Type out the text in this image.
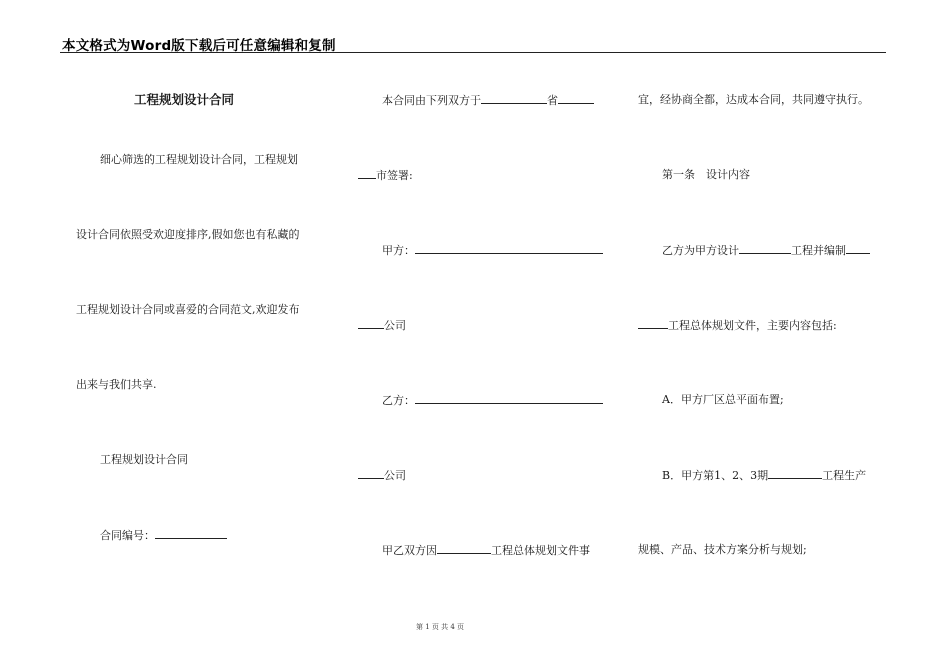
本文格式为Word版下载后可任意编辑和复制
工程规划设计合同
细心筛选的工程规划设计合同，工程规划
设计合同依照受欢迎度排序,假如您也有私藏的
工程规划设计合同或喜爱的合同范文,欢迎发布
出来与我们共享.
工程规划设计合同
合同编号：
本合同由下列双方于	省
市签署:
甲方：
公司
乙方：
公司
甲乙双方因	工程总体规划文件事
宜，经协商全都，达成本合同，共同遵守执行。
第一条　设计内容
乙方为甲方设计	工程并编制
工程总体规划文件，主要内容包括:
A．甲方厂区总平面布置;
B．甲方第1、2、3期	工程生产
规模、产品、技术方案分析与规划;
第 1 页 共 4 页
